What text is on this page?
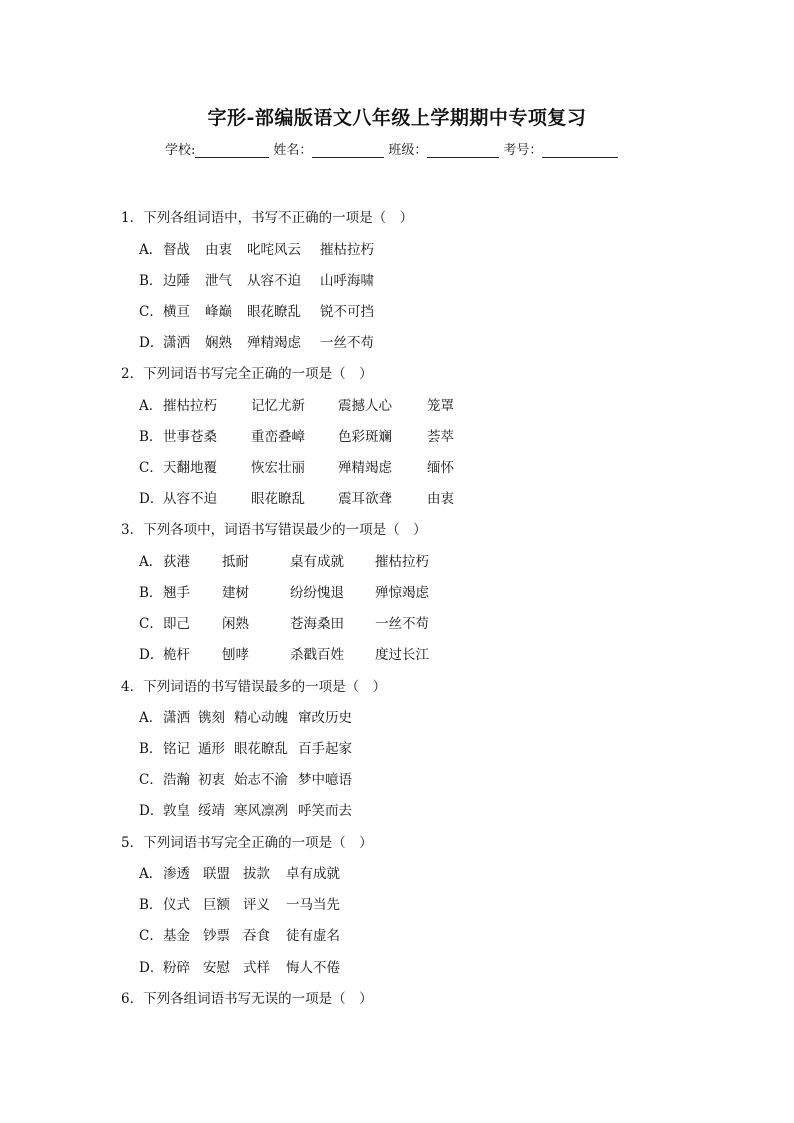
字形-部编版语文八年级上学期期中专项复习
学校:	姓名：	班级：	考号：
1．下列各组词语中，书写不正确的一项是（　）
A．督战 由衷 叱咤风云 摧枯拉朽
B．边陲 泄气 从容不迫 山呼海啸
C．横亘 峰巅 眼花瞭乱 锐不可挡
D．潇洒 娴熟 殚精竭虑 一丝不苟
2．下列词语书写完全正确的一项是（　）
A．摧枯拉朽	记忆尤新 震撼人心	笼罩
B．世事苍桑	重峦叠嶂 色彩斑斓	荟萃
C．天翻地覆	恢宏壮丽 殚精竭虑	缅怀
D．从容不迫	眼花瞭乱 震耳欲聋	由衷
3．下列各项中，词语书写错误最少的一项是（　）
A．荻港 抵耐	桌有成就 摧枯拉朽
B．翘手 建树	纷纷愧退 殚惊竭虑
C．即己 闲熟	苍海桑田 一丝不苟
D．桅杆 刨哮	杀戳百姓 度过长江
4．下列词语的书写错误最多的一项是（　）
A．潇洒 镌刻 精心动魄 窜改历史
B．铭记 遁形 眼花瞭乱 百手起家
C．浩瀚 初衷 始志不渝 梦中噫语
D．敦皇 绥靖 寒风凛冽 呼笑而去
5．下列词语书写完全正确的一项是（　）
A．渗透 联盟 拔款 卓有成就
B．仪式 巨额 评义 一马当先
C．基金 钞票 吞食 徒有虚名
D．粉碎 安慰 式样 悔人不倦
6．下列各组词语书写无误的一项是（　）
